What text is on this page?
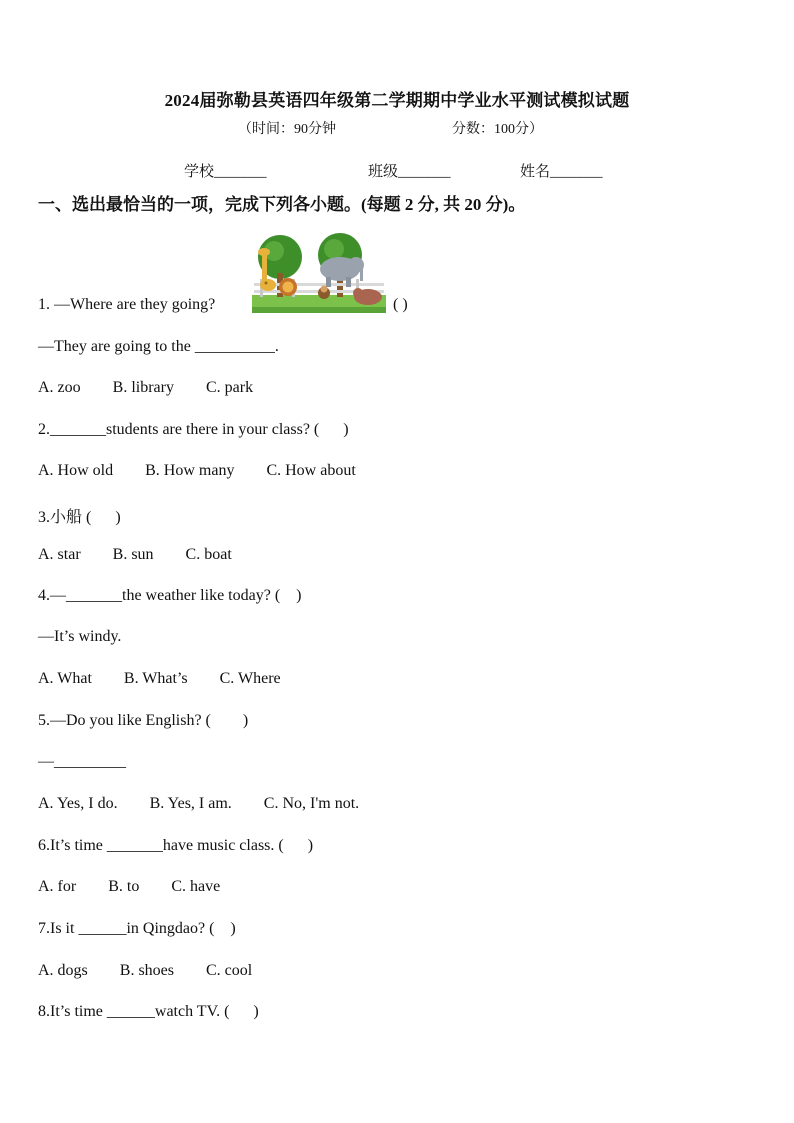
2024届弥勒县英语四年级第二学期期中学业水平测试模拟试题
（时间：90分钟	分数：100分）
学校_______	班级_______	姓名_______
一、选出最恰当的一项，完成下列各小题。(每题 2 分, 共 20 分)。
1. —Where are they going?	( )
—They are going to the __________.
A. zoo        B. library        C. park
2._______students are there in your class? (      )
A. How old        B. How many        C. How about
3.小船 (      )
A. star        B. sun        C. boat
4.—_______the weather like today? (    )
—It’s windy.
A. What        B. What’s        C. Where
5.—Do you like English? (        )
—_________
A. Yes, I do.        B. Yes, I am.        C. No, I'm not.
6.It’s time _______have music class. (      )
A. for        B. to        C. have
7.Is it ______in Qingdao? (    )
A. dogs        B. shoes        C. cool
8.It’s time ______watch TV. (      )
